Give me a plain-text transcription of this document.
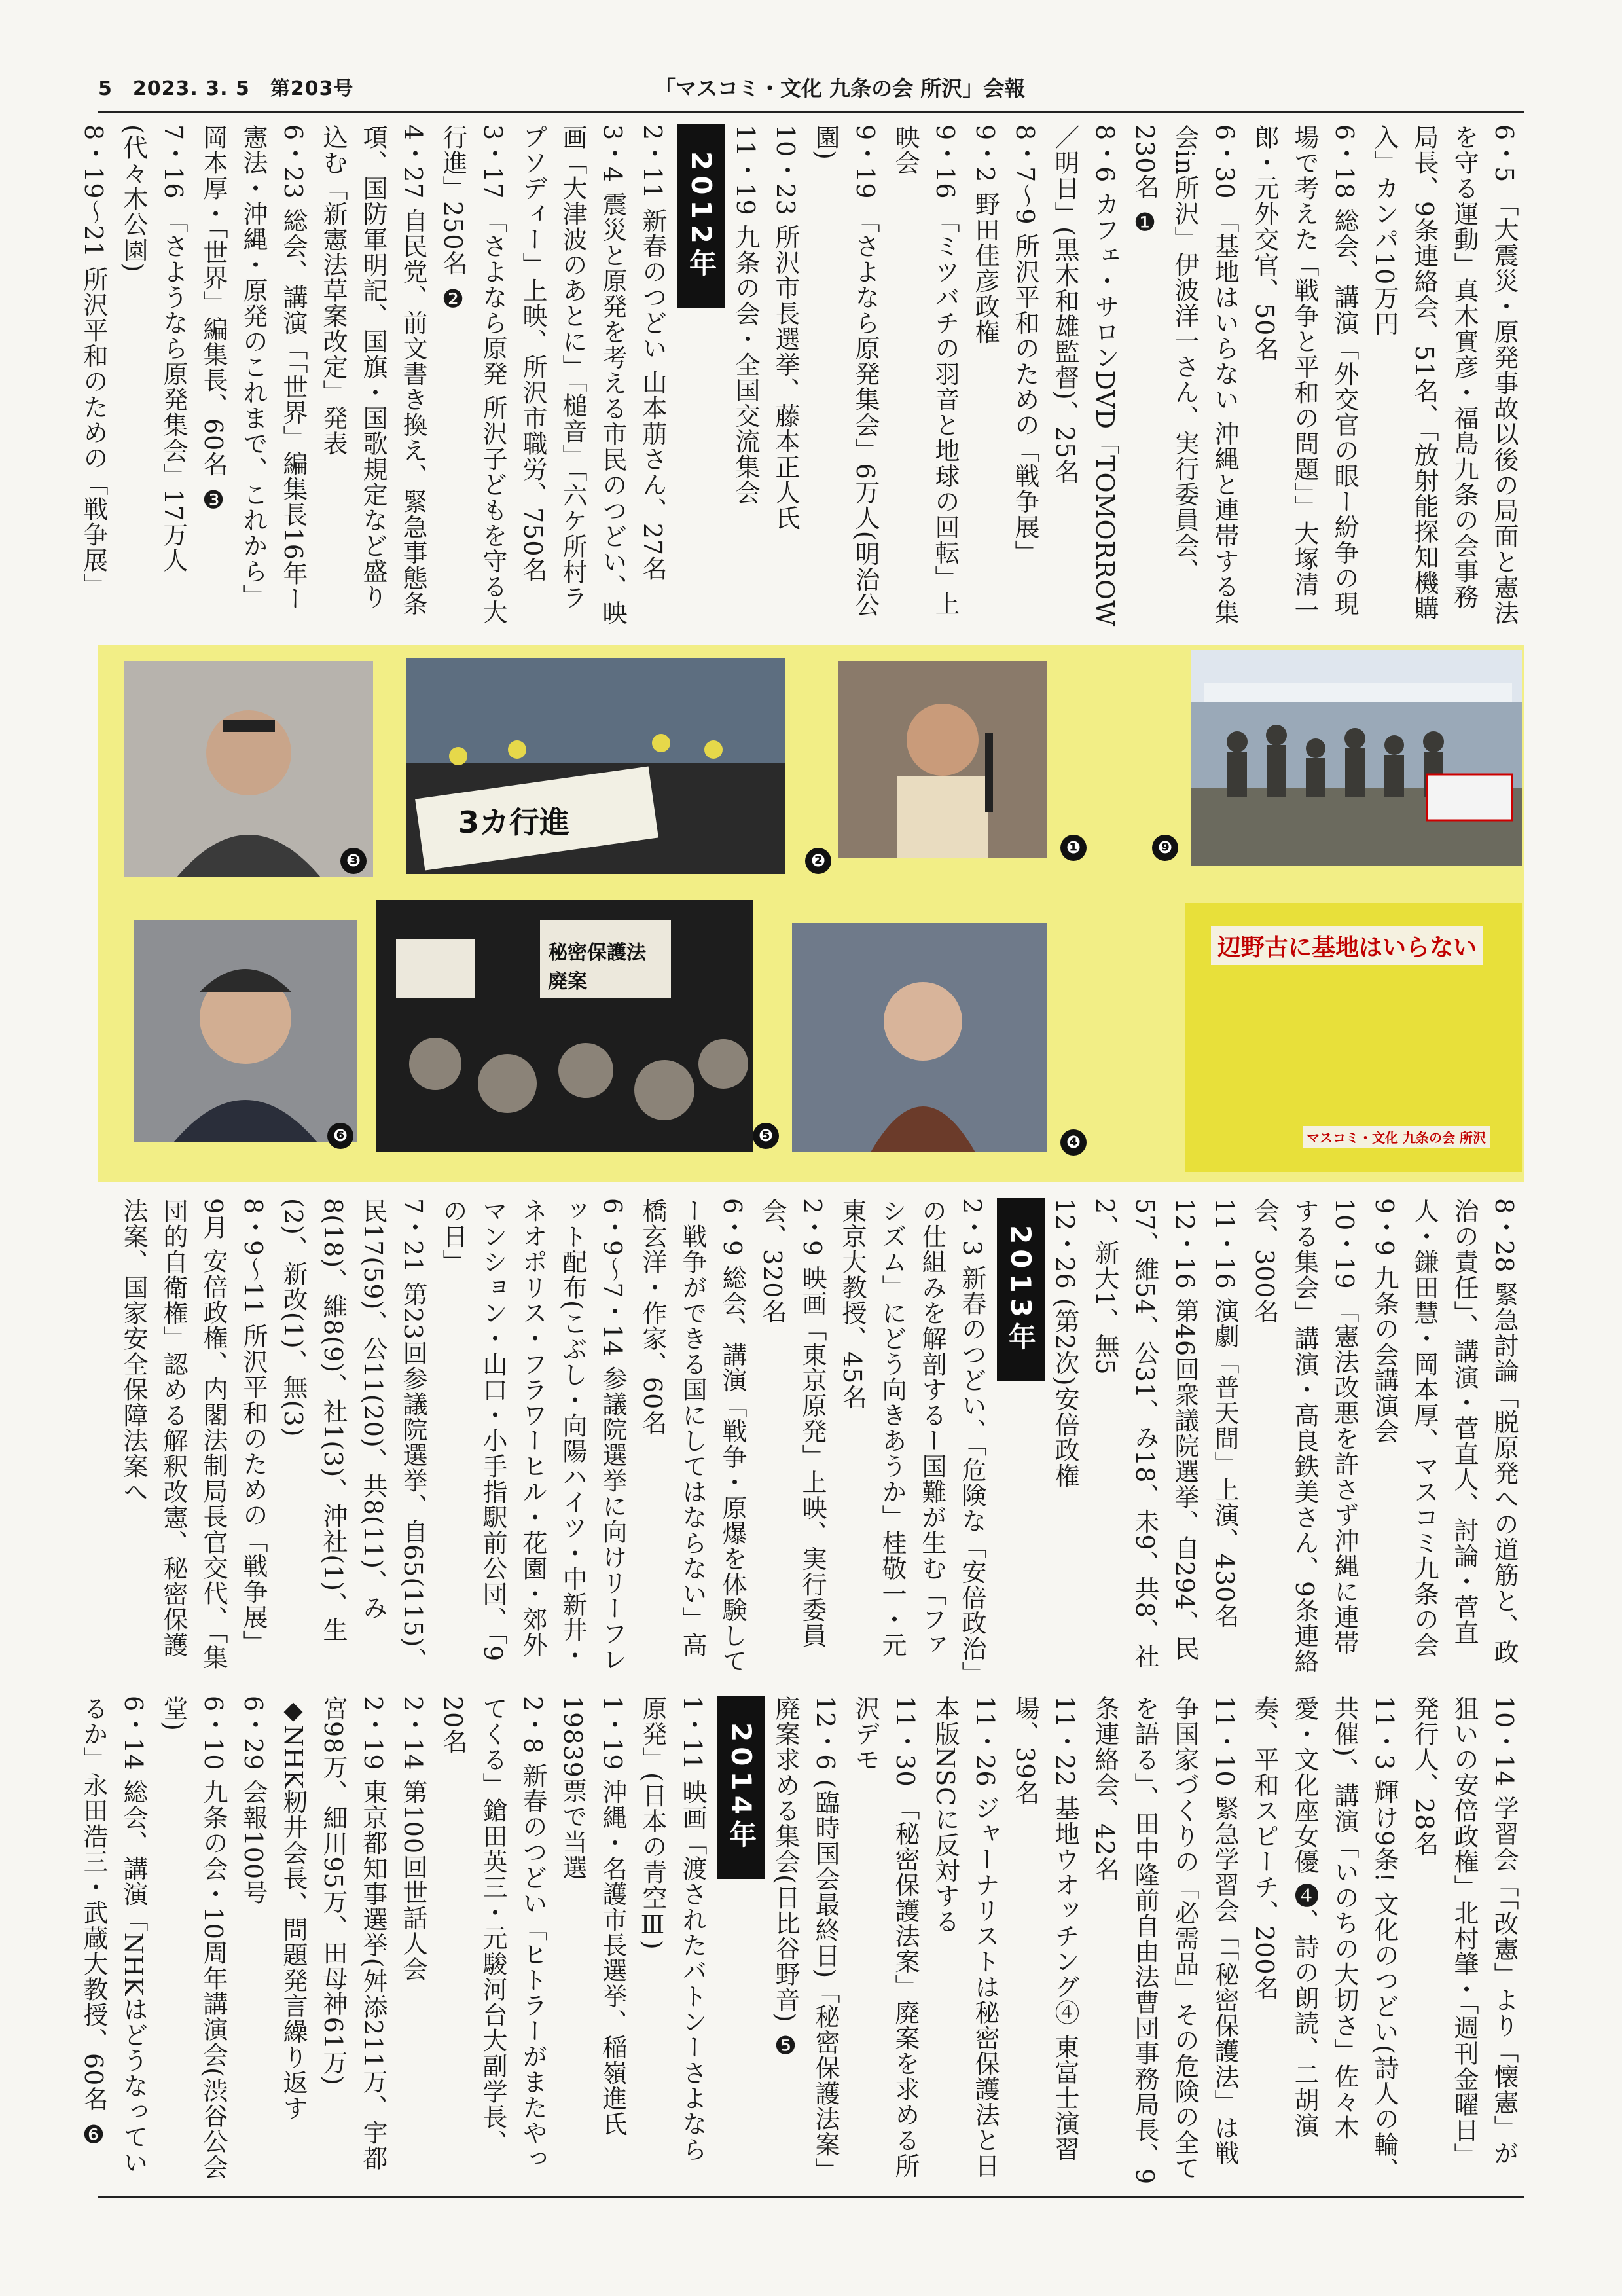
5　2023. 3. 5　第203号	「マスコミ・文化 九条の会 所沢」会報
6・5 「大震災・原発事故以後の局面と憲法を守る運動」真木實彦・福島九条の会事務局長、9条連絡会、51名、「放射能探知機購入」カンパ10万円
6・18 総会、講演「外交官の眼ー紛争の現場で考えた「戦争と平和の問題」」大塚清一郎・元外交官、50名
6・30 「基地はいらない 沖縄と連帯する集会in所沢」伊波洋一さん、実行委員会、230名 ❶
8・6 カフェ・サロンDVD「TOMORROW／明日」(黒木和雄監督)、25名
8・7〜9 所沢平和のための「戦争展」
9・2 野田佳彦政権
9・16 「ミツバチの羽音と地球の回転」上映会
9・19 「さよなら原発集会」6万人(明治公園)
10・23 所沢市長選挙、藤本正人氏
11・19 九条の会・全国交流集会
2012年
2・11 新春のつどい 山本萠さん、27名
3・4 震災と原発を考える市民のつどい、映画「大津波のあとに」「槌音」「六ケ所村ラプソディー」上映、所沢市職労、750名
3・17 「さよなら原発 所沢子どもを守る大行進」250名 ❷
4・27 自民党、前文書き換え、緊急事態条項、国防軍明記、国旗・国歌規定など盛り込む「新憲法草案改定」発表
6・23 総会、講演「「世界」編集長16年ー憲法・沖縄・原発のこれまで、これから」岡本厚・「世界」編集長、60名 ❸
7・16 「さようなら原発集会」17万人(代々木公園)
8・19〜21 所沢平和のための「戦争展」
❾
辺野古に基地はいらない
マスコミ・文化 九条の会 所沢
❶
❹
3カ行進
❷
❸
秘密保護法 廃案
❺
❻
8・28 緊急討論「脱原発への道筋と、政治の責任」、講演・菅直人、討論・菅直人・鎌田慧・岡本厚、マスコミ九条の会
9・9 九条の会講演会
10・19 「憲法改悪を許さず沖縄に連帯する集会」講演・高良鉄美さん、9条連絡会、300名
11・16 演劇「普天間」上演、430名
12・16 第46回衆議院選挙、自294、民57、維54、公31、み18、未9、共8、社2、新大1、無5
12・26 (第2次)安倍政権
2013年
2・3 新春のつどい、「危険な「安倍政治」の仕組みを解剖するー国難が生む「ファシズム」にどう向きあうか」桂敬一・元東京大教授、45名
2・9 映画「東京原発」上映、実行委員会、320名
6・9 総会、講演「戦争・原爆を体験してー戦争ができる国にしてはならない」高橋玄洋・作家、60名
6・9〜7・14 参議院選挙に向けリーフレット配布(こぶし・向陽ハイツ・中新井・ネオポリス・フラワーヒル・花園・郊外マンション・山口・小手指駅前公団、「9の日」
7・21 第23回参議院選挙、自65(115)、民17(59)、公11(20)、共8(11)、み8(18)、維8(9)、社1(3)、沖社(1)、生(2)、新改(1)、無(3)
8・9〜11 所沢平和のための「戦争展」
9月 安倍政権、内閣法制局長官交代、「集団的自衛権」認める解釈改憲、秘密保護法案、国家安全保障法案へ
10・14 学習会「「改憲」より「懐憲」が狙いの安倍政権」北村肇・「週刊金曜日」発行人、28名
11・3 輝け9条! 文化のつどい(詩人の輪、共催)、講演「いのちの大切さ」佐々木愛・文化座女優 ❹、詩の朗読、二胡演奏、平和スピーチ、200名
11・10 緊急学習会「「秘密保護法」は戦争国家づくりの「必需品」その危険の全てを語る」、田中隆前自由法曹団事務局長、9条連絡会、42名
11・22 基地ウオッチング④ 東富士演習場、39名
11・26 ジャーナリストは秘密保護法と日本版NSCに反対する
11・30 「秘密保護法案」廃案を求める所沢デモ
12・6 (臨時国会最終日)「秘密保護法案」廃案求める集会(日比谷野音) ❺
2014年
1・11 映画「渡されたバトンーさよなら原発」(日本の青空Ⅲ)
1・19 沖縄・名護市長選挙、稲嶺進氏19839票で当選
2・8 新春のつどい「ヒトラーがまたやってくる」鎗田英三・元駿河台大副学長、20名
2・14 第100回世話人会
2・19 東京都知事選挙(舛添211万、宇都宮98万、細川95万、田母神61万)
◆NHK籾井会長、問題発言繰り返す
6・29 会報100号
6・10 九条の会・10周年講演会(渋谷公会堂)
6・14 総会、講演「NHKはどうなっているか」永田浩三・武蔵大教授、60名 ❻
